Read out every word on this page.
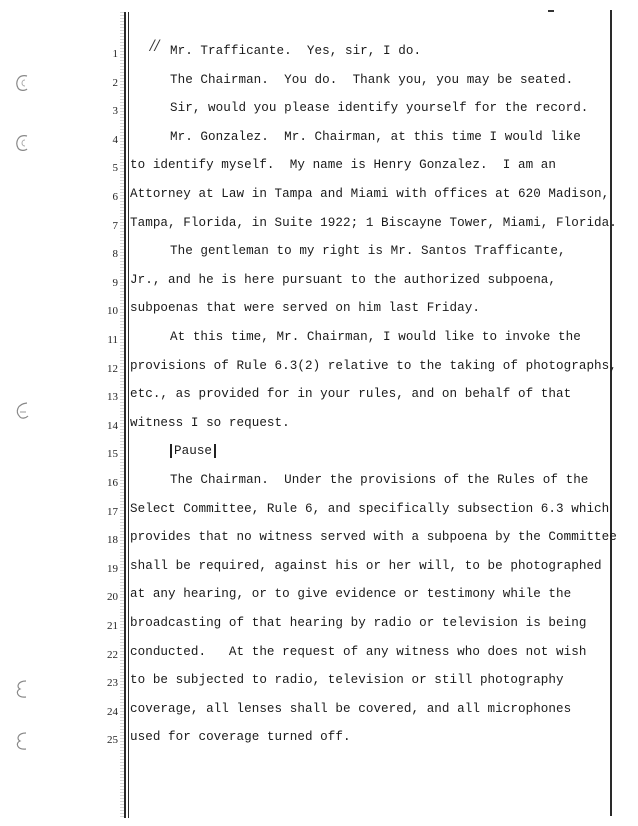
//
1	Mr. Trafficante.  Yes, sir, I do.
2	The Chairman.  You do.  Thank you, you may be seated.
3	Sir, would you please identify yourself for the record.
4	Mr. Gonzalez.  Mr. Chairman, at this time I would like
5 to identify myself.  My name is Henry Gonzalez.  I am an
6 Attorney at Law in Tampa and Miami with offices at 620 Madison,
7 Tampa, Florida, in Suite 1922; 1 Biscayne Tower, Miami, Florida.
8	The gentleman to my right is Mr. Santos Trafficante,
9 Jr., and he is here pursuant to the authorized subpoena,
10 subpoenas that were served on him last Friday.
11	At this time, Mr. Chairman, I would like to invoke the
12 provisions of Rule 6.3(2) relative to the taking of photographs,
13 etc., as provided for in your rules, and on behalf of that
14 witness I so request.
15	Pause
16	The Chairman.  Under the provisions of the Rules of the
17 Select Committee, Rule 6, and specifically subsection 6.3 which
18 provides that no witness served with a subpoena by the Committee
19 shall be required, against his or her will, to be photographed
20 at any hearing, or to give evidence or testimony while the
21 broadcasting of that hearing by radio or television is being
22 conducted.   At the request of any witness who does not wish
23 to be subjected to radio, television or still photography
24 coverage, all lenses shall be covered, and all microphones
25 used for coverage turned off.
